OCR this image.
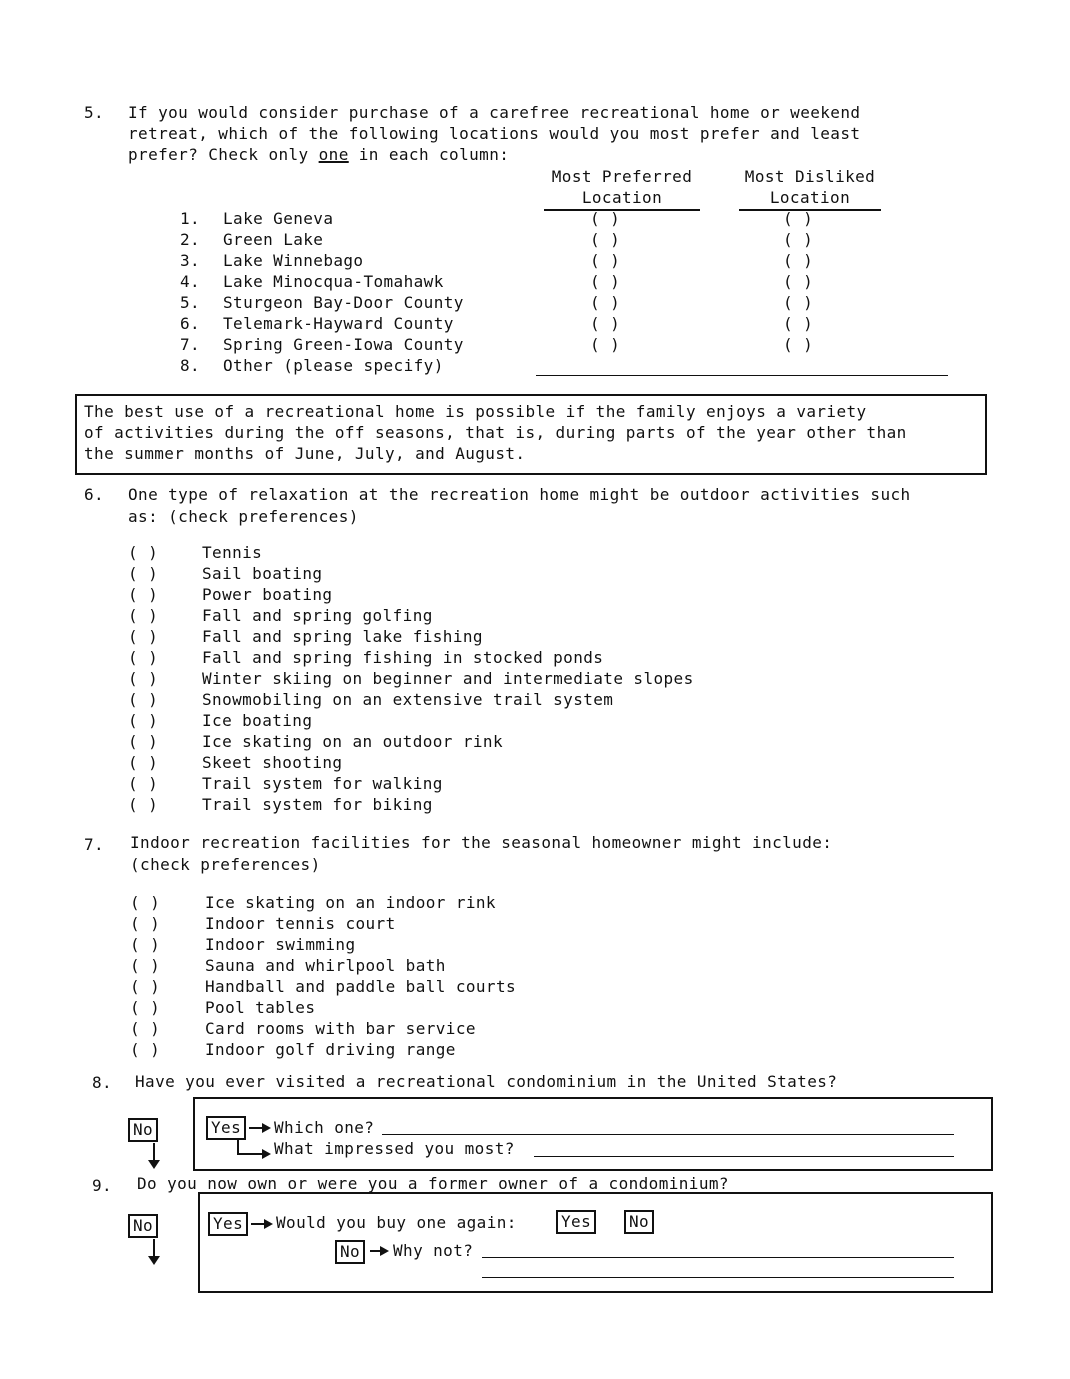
5. If you would consider purchase of a carefree recreational home or weekend
retreat, which of the following locations would you most prefer and least
prefer? Check only one in each column:
Most Preferred
Location
Most Disliked
Location
1. Lake Geneva	( )	( )
2. Green Lake	( )	( )
3. Lake Winnebago	( )	( )
4. Lake Minocqua-Tomahawk	( )	( )
5. Sturgeon Bay-Door County	( )	( )
6. Telemark-Hayward County	( )	( )
7. Spring Green-Iowa County	( )	( )
8. Other (please specify)
The best use of a recreational home is possible if the family enjoys a variety
of activities during the off seasons, that is, during parts of the year other than
the summer months of June, July, and August.
6. One type of relaxation at the recreation home might be outdoor activities such
as: (check preferences)
( )	Tennis
( )	Sail boating
( )	Power boating
( )	Fall and spring golfing
( )	Fall and spring lake fishing
( )	Fall and spring fishing in stocked ponds
( )	Winter skiing on beginner and intermediate slopes
( )	Snowmobiling on an extensive trail system
( )	Ice boating
( )	Ice skating on an outdoor rink
( )	Skeet shooting
( )	Trail system for walking
( )	Trail system for biking
7. Indoor recreation facilities for the seasonal homeowner might include:
(check preferences)
( )	Ice skating on an indoor rink
( )	Indoor tennis court
( )	Indoor swimming
( )	Sauna and whirlpool bath
( )	Handball and paddle ball courts
( )	Pool tables
( )	Card rooms with bar service
( )	Indoor golf driving range
8. Have you ever visited a recreational condominium in the United States?
No	Yes	Which one?
What impressed you most?
9. Do you now own or were you a former owner of a condominium?
No	Yes	Would you buy one again:	Yes	No
No	Why not?
